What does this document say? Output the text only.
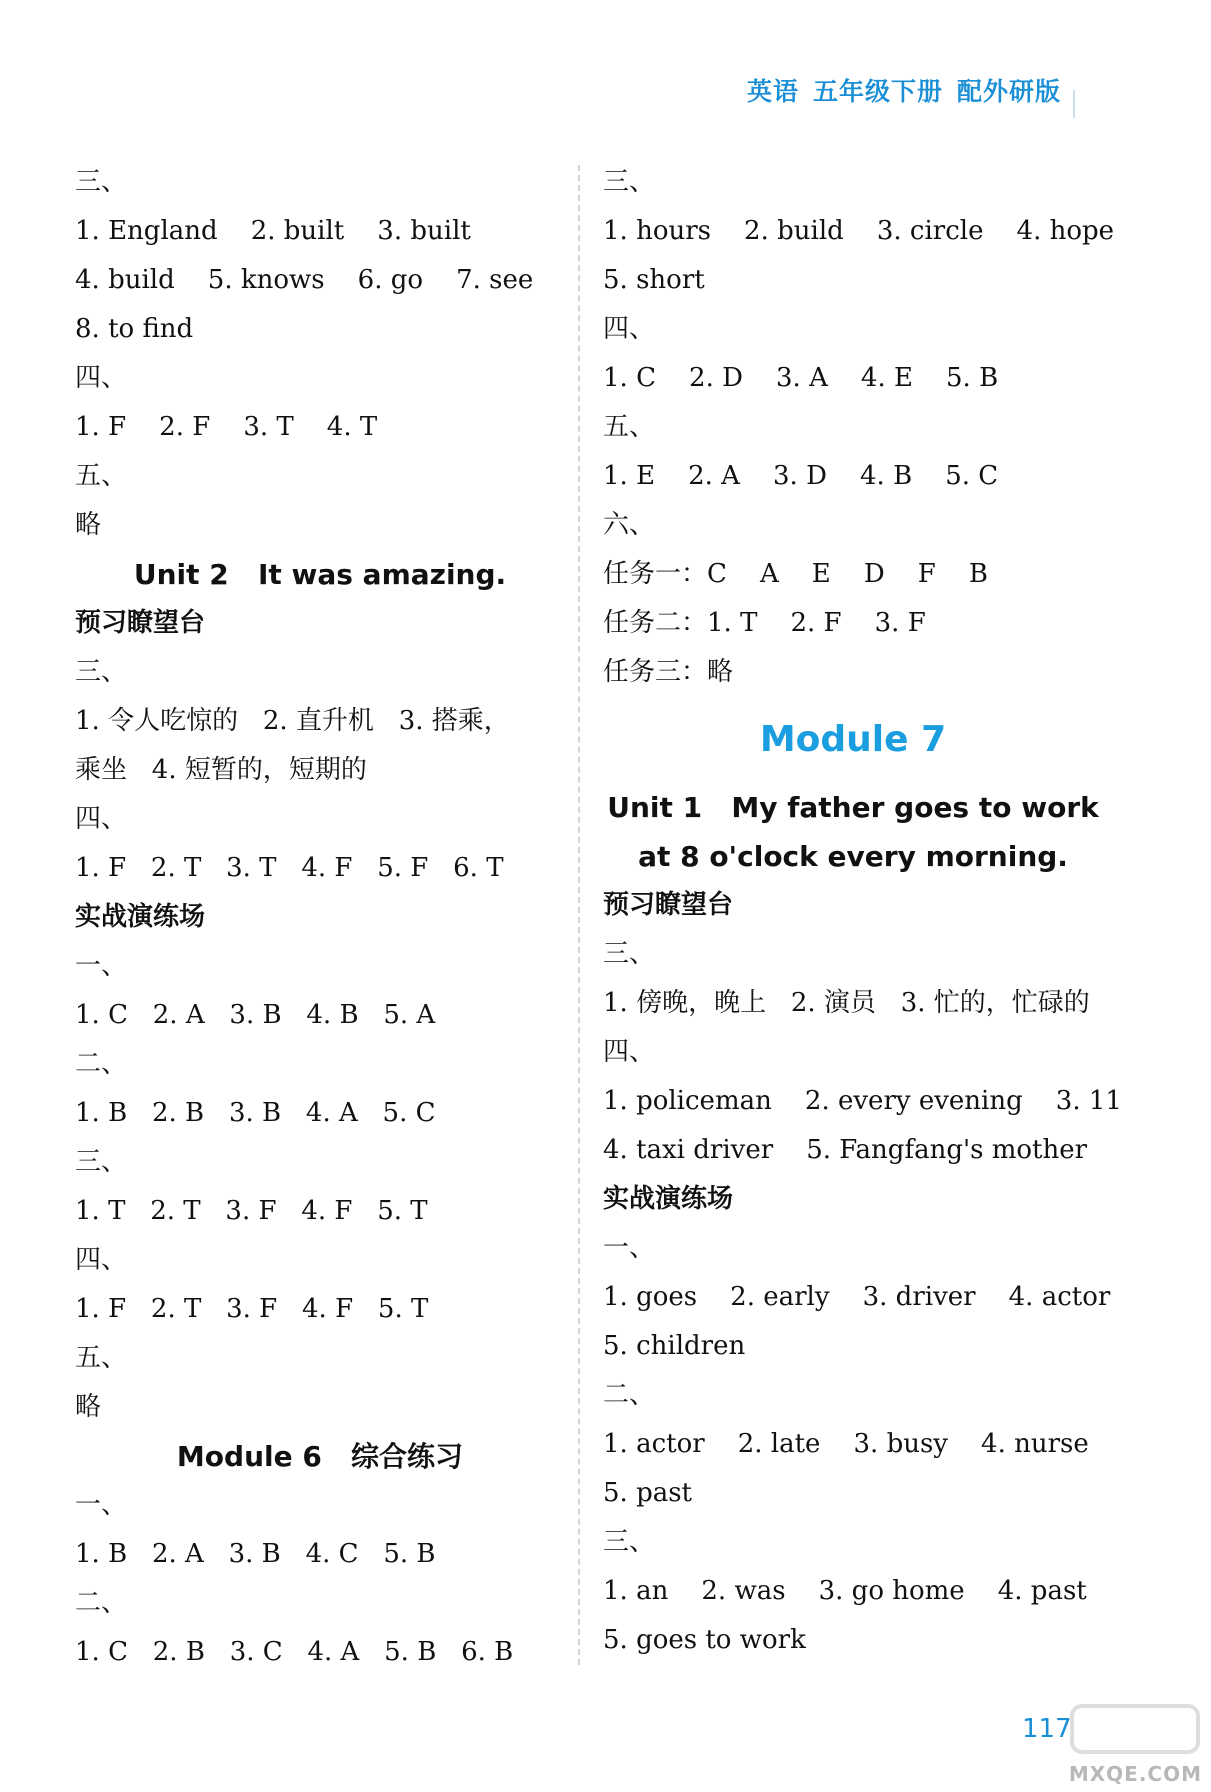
英语 五年级下册 配外研版
三、
1. England    2. built    3. built
4. build    5. knows    6. go    7. see
8. to find
四、
1. F    2. F    3. T    4. T
五、
略
Unit 2   It was amazing.
预习瞭望台
三、
1. 令人吃惊的   2. 直升机   3. 搭乘，
乘坐   4. 短暂的，短期的
四、
1. F   2. T   3. T   4. F   5. F   6. T
实战演练场
一、
1. C   2. A   3. B   4. B   5. A
二、
1. B   2. B   3. B   4. A   5. C
三、
1. T   2. T   3. F   4. F   5. T
四、
1. F   2. T   3. F   4. F   5. T
五、
略
Module 6   综合练习
一、
1. B   2. A   3. B   4. C   5. B
二、
1. C   2. B   3. C   4. A   5. B   6. B
三、
1. hours    2. build    3. circle    4. hope
5. short
四、
1. C    2. D    3. A    4. E    5. B
五、
1. E    2. A    3. D    4. B    5. C
六、
任务一：C    A    E    D    F    B
任务二：1. T    2. F    3. F
任务三：略
Module 7
Unit 1   My father goes to work
at 8 o'clock every morning.
预习瞭望台
三、
1. 傍晚，晚上   2. 演员   3. 忙的，忙碌的
四、
1. policeman    2. every evening    3. 11
4. taxi driver    5. Fangfang's mother
实战演练场
一、
1. goes    2. early    3. driver    4. actor
5. children
二、
1. actor    2. late    3. busy    4. nurse
5. past
三、
1. an    2. was    3. go home    4. past
5. goes to work
117
MXQE.COM
